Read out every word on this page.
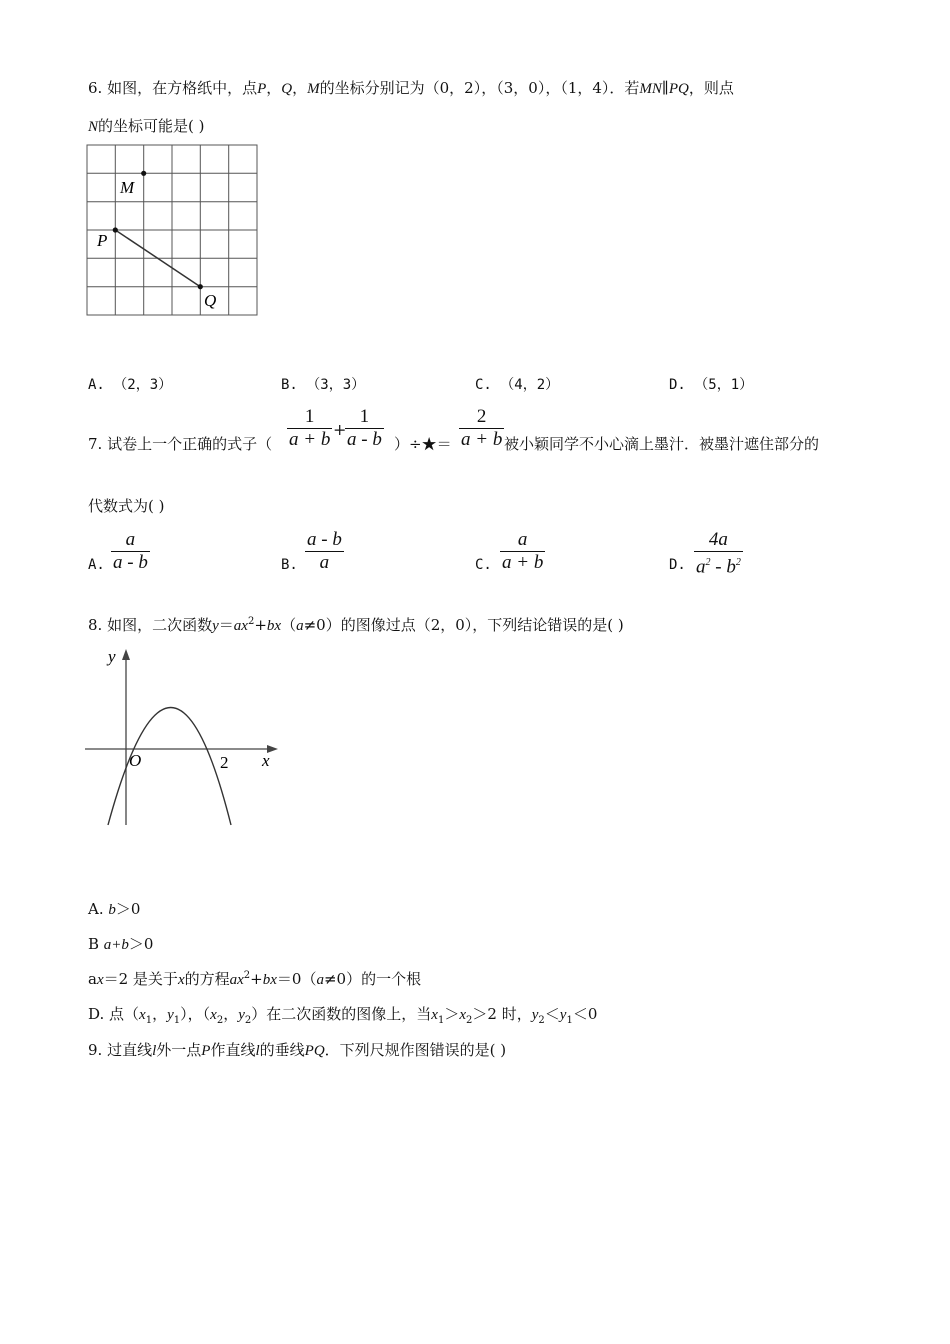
6. 如图，在方格纸中，点P，Q，M的坐标分别记为（0，2），（3，0），（1，4）．若MN∥PQ，则点
N的坐标可能是( )
M
P
Q
A. （2，3）	B. （3，3）	C. （4，2）	D. （5，1）
7. 试卷上一个正确的式子（ $\frac{1}{a + b}$ +
$\frac{1}{a - b}$ ）÷★＝ $\frac{2}{a + b}$ 被小颖同学不小心滴上墨汁．被墨汁遮住部分的
代数式为( )
A. $\frac{a}{a - b}$	B. $\frac{a - b}{a}$	C. $\frac{a}{a + b}$	D. $\frac{4a}{a^2 - b^2}$
8. 如图，二次函数$y=ax^2+bx(a\ne 0)$的图像过点（2，0），下列结论错误的是( )
y
O	2 x
A. b＞0
B a+b＞0
ax＝2 是关于x的方程$ax^2+bx=0(a\ne 0)$的一个根
D. 点（$x_1$，$y_1$），（$x_2$，$y_2$）在二次函数的图像上，当$x_1>x_2>2$ 时，$y_2<y_1<0$
9. 过直线l外一点P作直线l的垂线PQ．下列尺规作图错误的是( )
